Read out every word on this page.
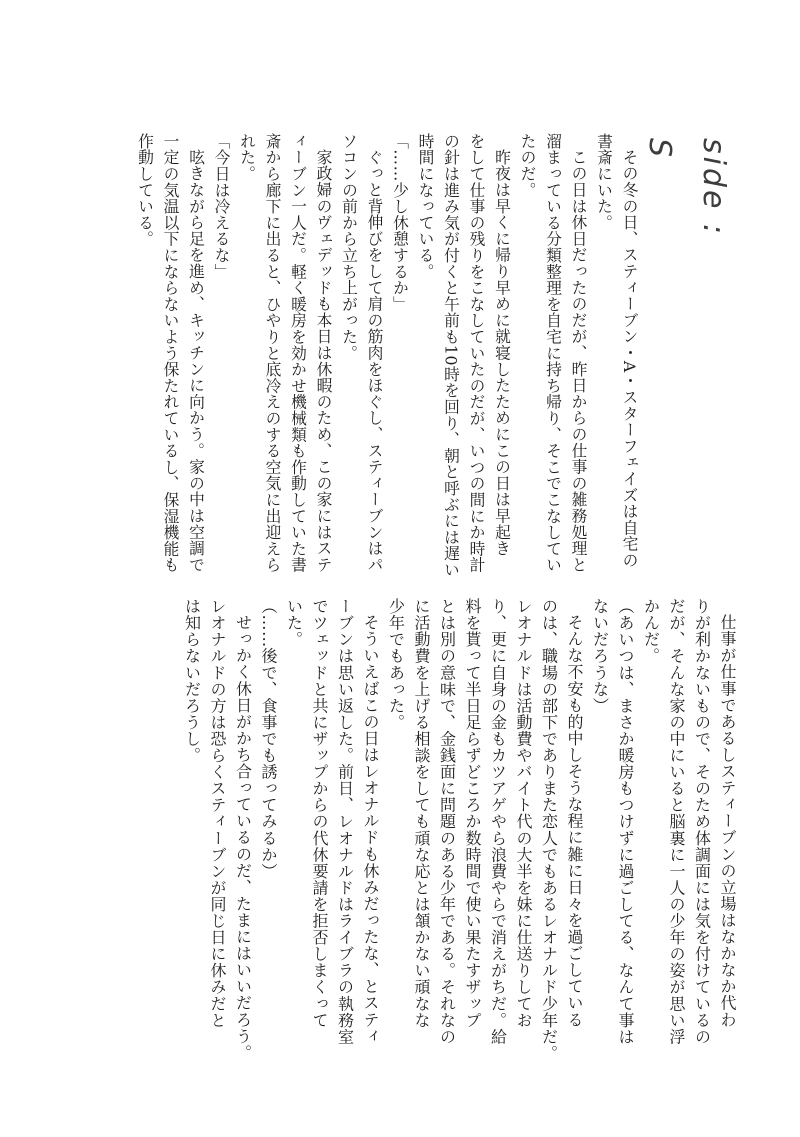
side : S
その冬の日、スティーブン・A・スターフェイズは自宅の
書斎にいた。
この日は休日だったのだが、昨日からの仕事の雑務処理と
溜まっている分類整理を自宅に持ち帰り、そこでこなしてい
たのだ。
昨夜は早くに帰り早めに就寝したためにこの日は早起き
をして仕事の残りをこなしていたのだが、いつの間にか時計
の針は進み気が付くと午前も10時を回り、朝と呼ぶには遅い
時間になっている。
「……少し休憩するか」
ぐっと背伸びをして肩の筋肉をほぐし、スティーブンはパ
ソコンの前から立ち上がった。
家政婦のヴェデッドも本日は休暇のため、この家にはステ
ィーブン一人だ。軽く暖房を効かせ機械類も作動していた書
斎から廊下に出ると、ひやりと底冷えのする空気に出迎えら
れた。
「今日は冷えるな」
呟きながら足を進め、キッチンに向かう。家の中は空調で
一定の気温以下にならないよう保たれているし、保湿機能も
作動している。
仕事が仕事であるしスティーブンの立場はなかなか代わ
りが利かないもので、そのため体調面には気を付けているの
だが、そんな家の中にいると脳裏に一人の少年の姿が思い浮
かんだ。
（あいつは、まさか暖房もつけずに過ごしてる、なんて事は
ないだろうな）
そんな不安も的中しそうな程に雑に日々を過ごしている
のは、職場の部下でありまた恋人でもあるレオナルド少年だ。
レオナルドは活動費やバイト代の大半を妹に仕送りしてお
り、更に自身の金もカツアゲやら浪費やらで消えがちだ。給
料を貰って半日足らずどころか数時間で使い果たすザップ
とは別の意味で、金銭面に問題のある少年である。それなの
に活動費を上げる相談をしても頑な応とは頷かない頑なな
少年でもあった。
そういえばこの日はレオナルドも休みだったな、とスティ
ーブンは思い返した。前日、レオナルドはライブラの執務室
でツェッドと共にザップからの代休要請を拒否しまくって
いた。
（……後で、食事でも誘ってみるか）
せっかく休日がかち合っているのだ、たまにはいいだろう。
レオナルドの方は恐らくスティーブンが同じ日に休みだと
は知らないだろうし。
